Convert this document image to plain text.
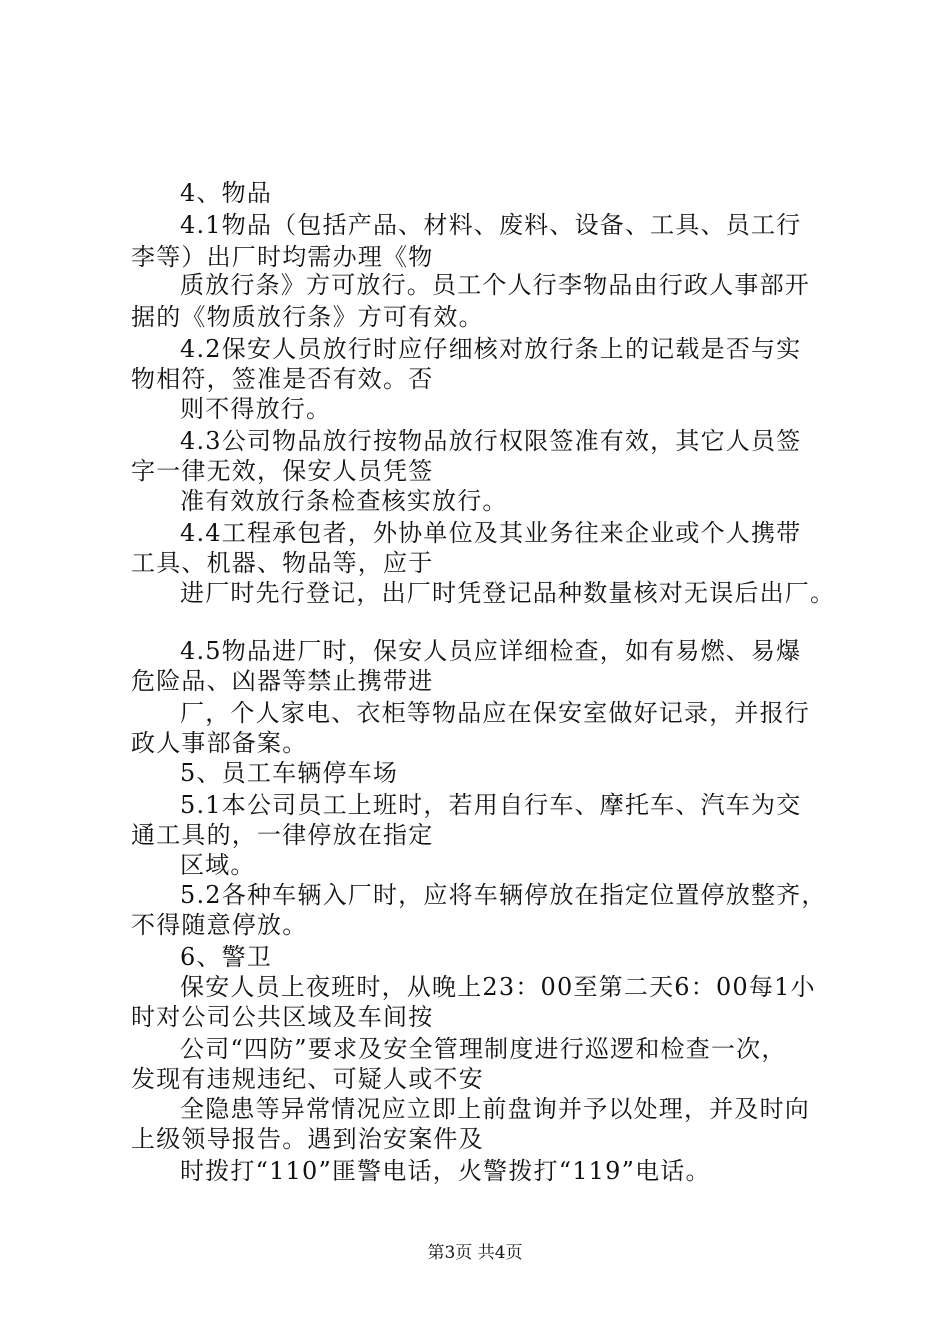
4、物品
4.1物品（包括产品、材料、废料、设备、工具、员工行
李等）出厂时均需办理《物
质放行条》方可放行。员工个人行李物品由行政人事部开
据的《物质放行条》方可有效。
4.2保安人员放行时应仔细核对放行条上的记载是否与实
物相符，签准是否有效。否
则不得放行。
4.3公司物品放行按物品放行权限签准有效，其它人员签
字一律无效，保安人员凭签
准有效放行条检查核实放行。
4.4工程承包者，外协单位及其业务往来企业或个人携带
工具、机器、物品等，应于
进厂时先行登记，出厂时凭登记品种数量核对无误后出厂。
4.5物品进厂时，保安人员应详细检查，如有易燃、易爆
危险品、凶器等禁止携带进
厂，个人家电、衣柜等物品应在保安室做好记录，并报行
政人事部备案。
5、员工车辆停车场
5.1本公司员工上班时，若用自行车、摩托车、汽车为交
通工具的，一律停放在指定
区域。
5.2各种车辆入厂时，应将车辆停放在指定位置停放整齐，
不得随意停放。
6、警卫
保安人员上夜班时，从晚上23：00至第二天6：00每1小
时对公司公共区域及车间按
公司“四防”要求及安全管理制度进行巡逻和检查一次，
发现有违规违纪、可疑人或不安
全隐患等异常情况应立即上前盘询并予以处理，并及时向
上级领导报告。遇到治安案件及
时拨打“110”匪警电话，火警拨打“119”电话。
第3页 共4页
